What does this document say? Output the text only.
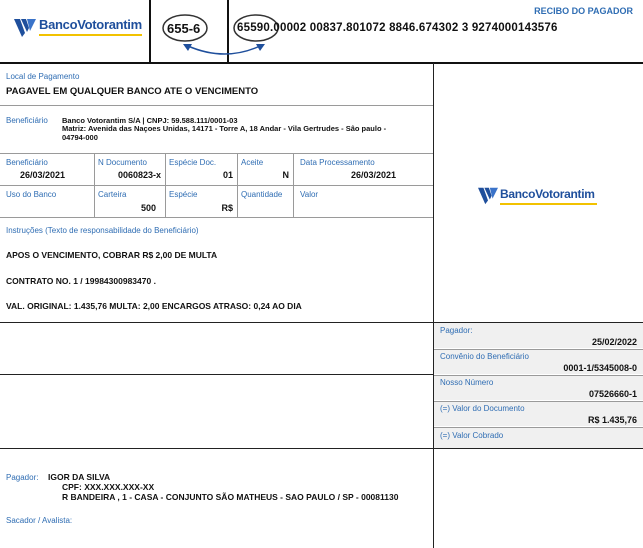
BancoVotorantim 655-6
RECIBO DO PAGADOR
65590.00002 00837.801072 8846.674302 3 9274000143576
Local de Pagamento
PAGAVEL EM QUALQUER BANCO ATE O VENCIMENTO
Beneficiário Banco Votorantim S/A | CNPJ: 59.588.111/0001-03
Matriz: Avenida das Naçoes Unidas, 14171 - Torre A, 18 Andar - Vila Gertrudes - Sâo paulo -
04794-000
Beneficiário
26/03/2021
N Documento
0060823-x
Espécie Doc.
01
Aceite
N
Data Processamento
26/03/2021
Uso do Banco	Carteira
500
Espécie
R$
Quantidade Valor
Instruções (Texto de responsabilidade do Beneficiário)
APOS O VENCIMENTO, COBRAR R$ 2,00 DE MULTA
CONTRATO NO. 1 / 19984300983470 .
VAL. ORIGINAL: 1.435,76 MULTA: 2,00 ENCARGOS ATRASO: 0,24 AO DIA
BancoVotorantim
Pagador:
25/02/2022
Convênio do Beneficiário
0001-1/5345008-0
Nosso Número
07526660-1
(=) Valor do Documento
R$ 1.435,76
(=) Valor Cobrado
Pagador: IGOR DA SILVA
CPF: XXX.XXX.XXX-XX
R BANDEIRA , 1 - CASA - CONJUNTO SÃO MATHEUS - SAO PAULO / SP - 00081130
Sacador / Avalista:
